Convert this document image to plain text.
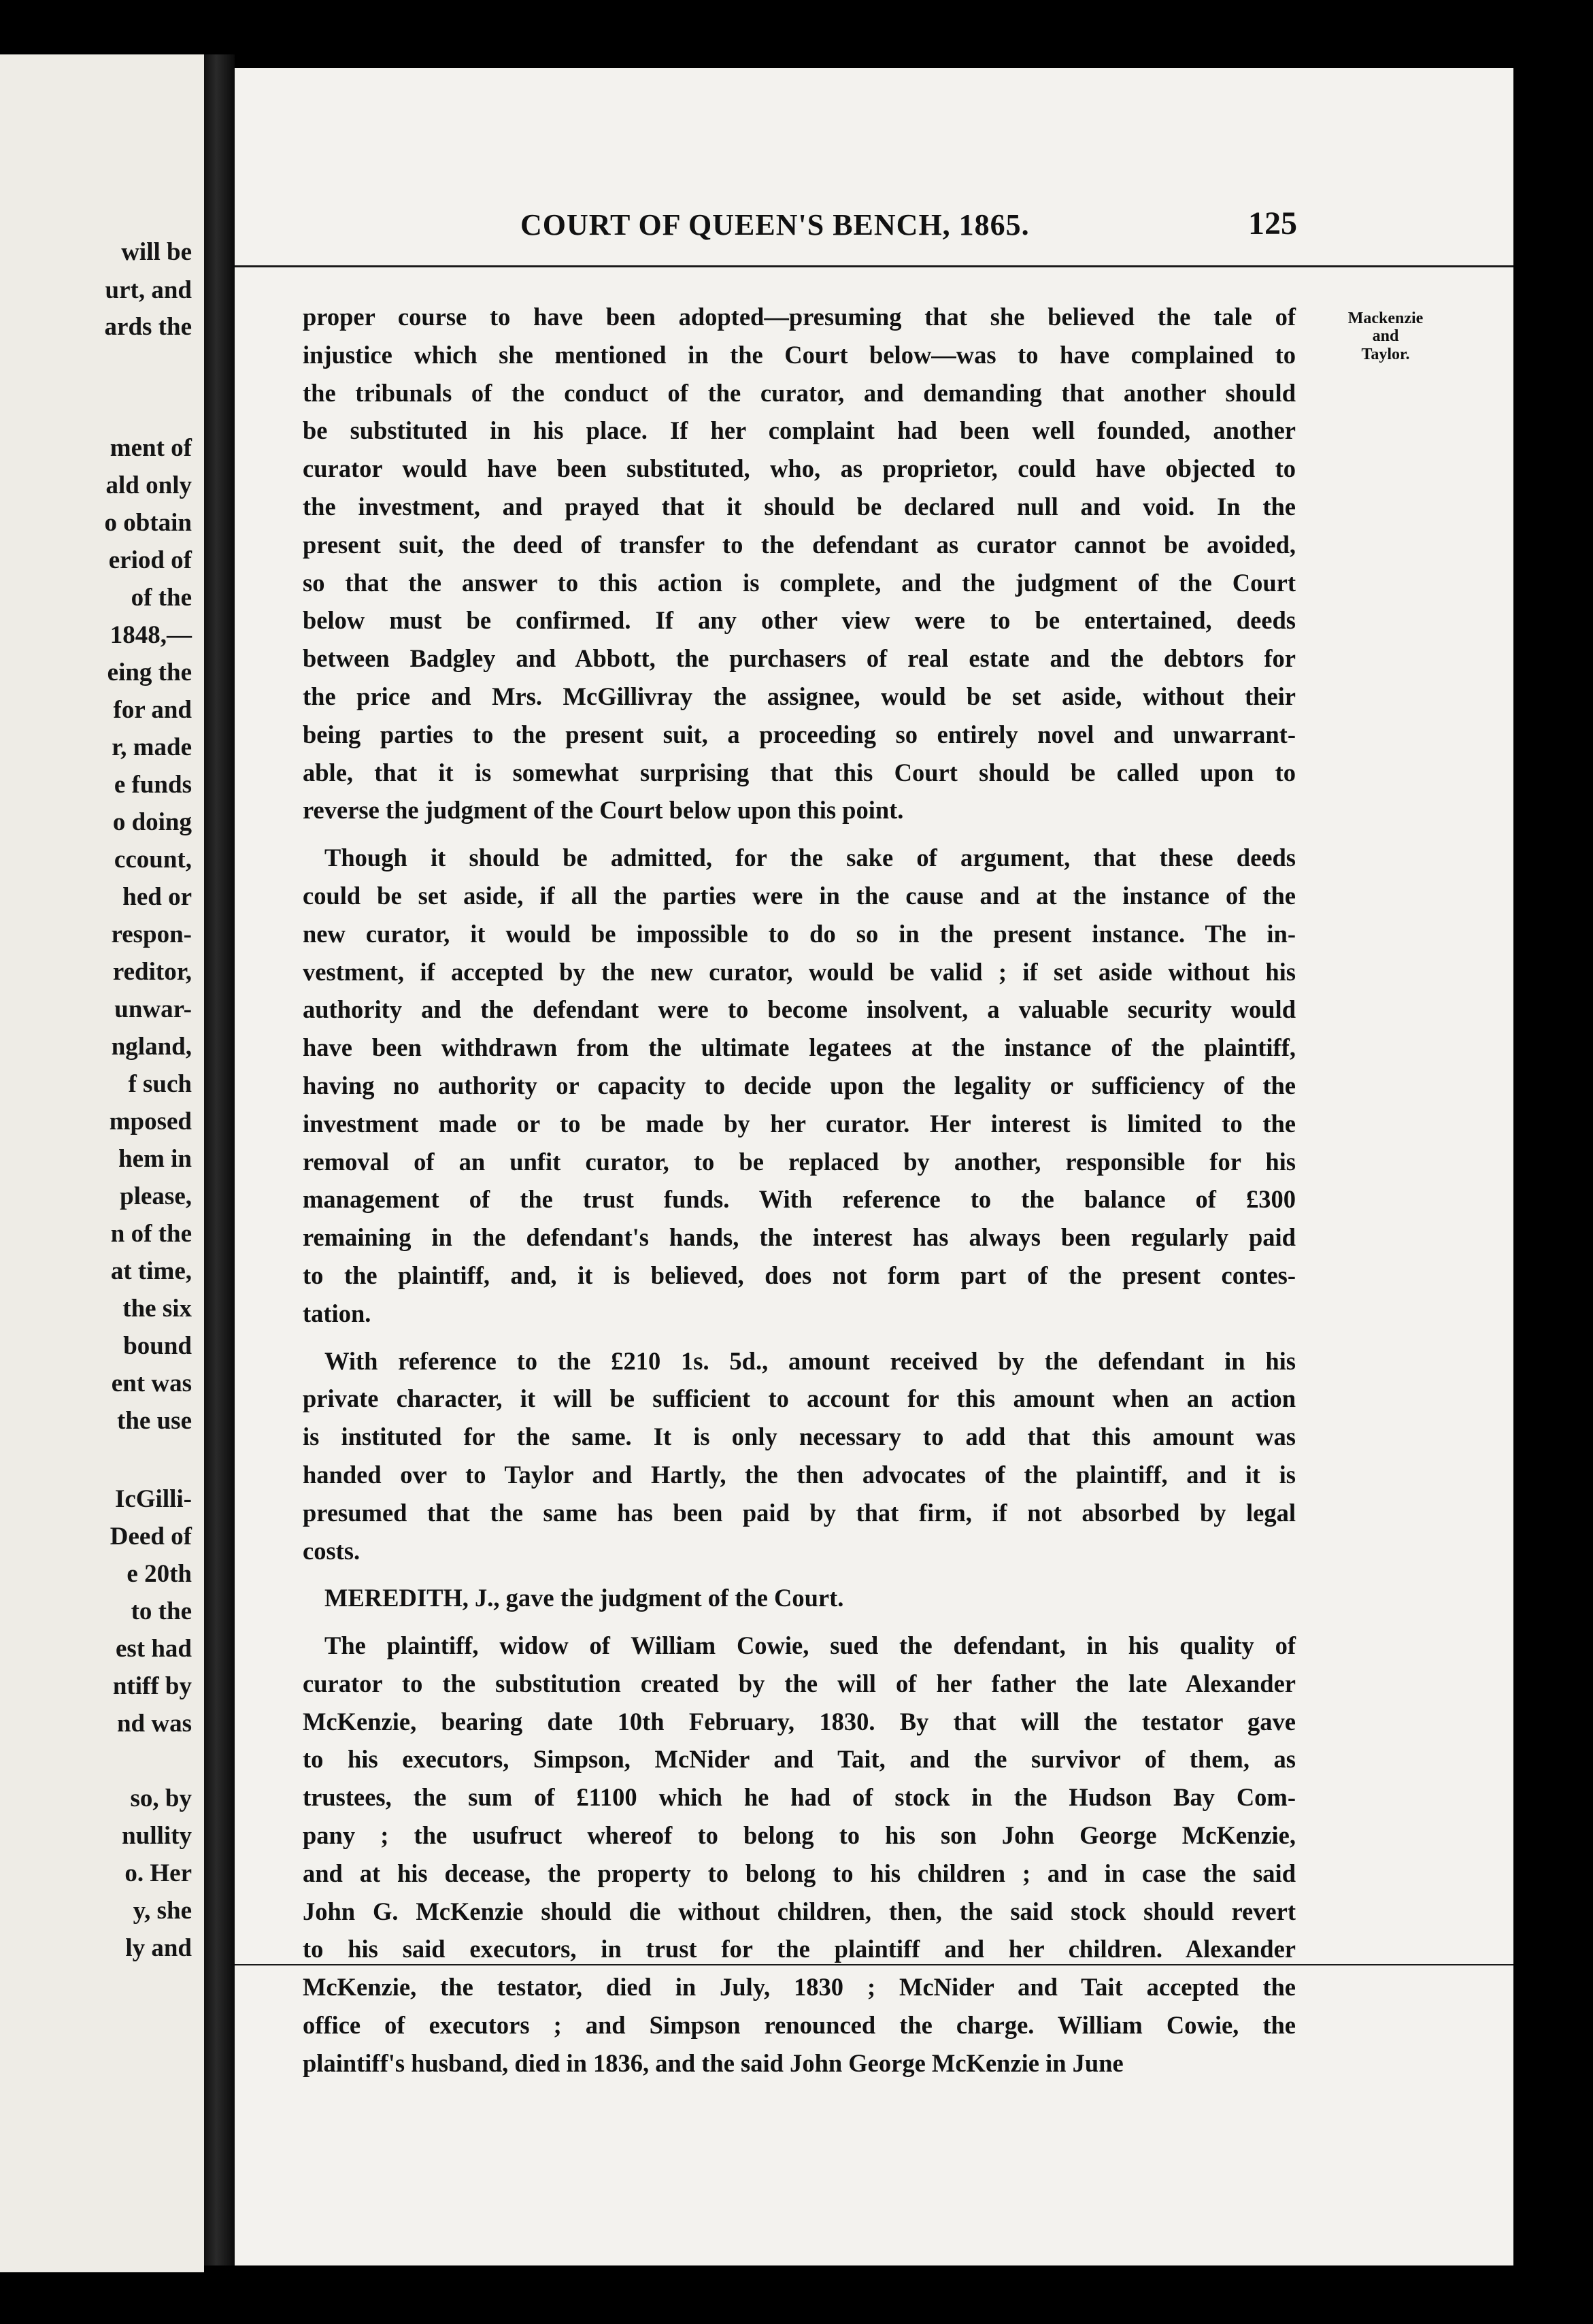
will be
urt, and
ards the
ment of
ald only
o obtain
eriod of
of the
1848,—
eing the
for and
r, made
e funds
o doing
ccount,
hed or
respon-
reditor,
unwar-
ngland,
f such
mposed
hem in
please,
n of the
at time,
the six
bound
ent was
the use
IcGilli-
Deed of
e 20th
to the
est had
ntiff by
nd was
so, by
nullity
o. Her
y, she
ly and
COURT OF QUEEN'S BENCH, 1865.	125
Mackenzie
and
Taylor.
proper course to have been adopted—presuming that she believed the tale of
injustice which she mentioned in the Court below—was to have complained to
the tribunals of the conduct of the curator, and demanding that another should
be substituted in his place. If her complaint had been well founded, another
curator would have been substituted, who, as proprietor, could have objected to
the investment, and prayed that it should be declared null and void. In the
present suit, the deed of transfer to the defendant as curator cannot be avoided,
so that the answer to this action is complete, and the judgment of the Court
below must be confirmed. If any other view were to be entertained, deeds
between Badgley and Abbott, the purchasers of real estate and the debtors for
the price and Mrs. McGillivray the assignee, would be set aside, without their
being parties to the present suit, a proceeding so entirely novel and unwarrant-
able, that it is somewhat surprising that this Court should be called upon to
reverse the judgment of the Court below upon this point.
Though it should be admitted, for the sake of argument, that these deeds
could be set aside, if all the parties were in the cause and at the instance of the
new curator, it would be impossible to do so in the present instance. The in-
vestment, if accepted by the new curator, would be valid ; if set aside without his
authority and the defendant were to become insolvent, a valuable security would
have been withdrawn from the ultimate legatees at the instance of the plaintiff,
having no authority or capacity to decide upon the legality or sufficiency of the
investment made or to be made by her curator. Her interest is limited to the
removal of an unfit curator, to be replaced by another, responsible for his
management of the trust funds. With reference to the balance of £300
remaining in the defendant's hands, the interest has always been regularly paid
to the plaintiff, and, it is believed, does not form part of the present contes-
tation.
With reference to the £210 1s. 5d., amount received by the defendant in his
private character, it will be sufficient to account for this amount when an action
is instituted for the same. It is only necessary to add that this amount was
handed over to Taylor and Hartly, the then advocates of the plaintiff, and it is
presumed that the same has been paid by that firm, if not absorbed by legal
costs.
MEREDITH, J., gave the judgment of the Court.
The plaintiff, widow of William Cowie, sued the defendant, in his quality of
curator to the substitution created by the will of her father the late Alexander
McKenzie, bearing date 10th February, 1830. By that will the testator gave
to his executors, Simpson, McNider and Tait, and the survivor of them, as
trustees, the sum of £1100 which he had of stock in the Hudson Bay Com-
pany ; the usufruct whereof to belong to his son John George McKenzie,
and at his decease, the property to belong to his children ; and in case the said
John G. McKenzie should die without children, then, the said stock should revert
to his said executors, in trust for the plaintiff and her children. Alexander
McKenzie, the testator, died in July, 1830 ; McNider and Tait accepted the
office of executors ; and Simpson renounced the charge. William Cowie, the
plaintiff's husband, died in 1836, and the said John George McKenzie in June
